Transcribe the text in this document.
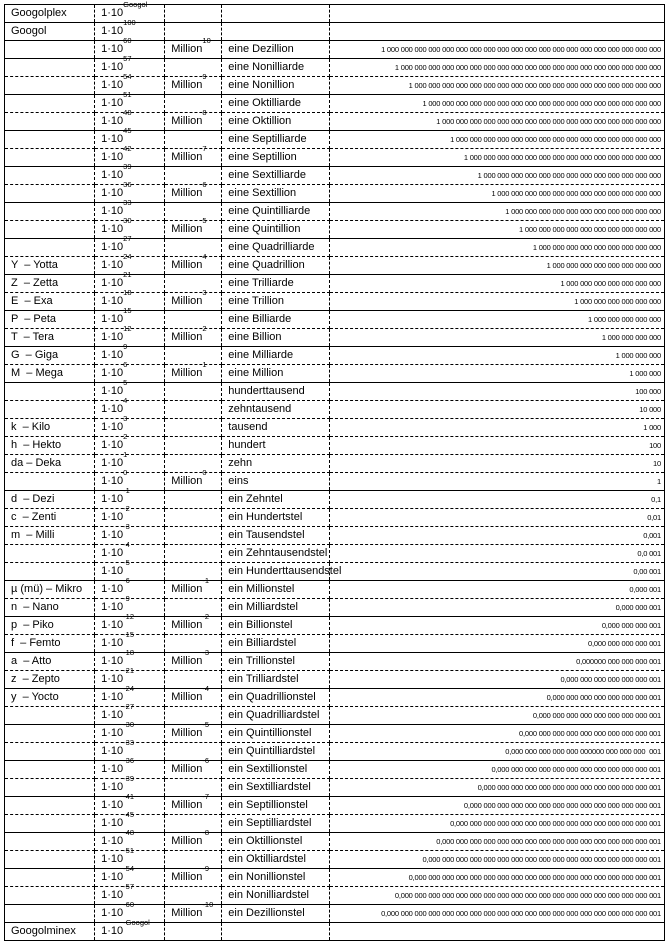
Googolplex	$1\cdot 10^{Googol}$			
Googol	$1\cdot 10^{100}$			
	$1\cdot 10^{60}$	Million$^{10}$	eine Dezillion	1 000 000 000 000 000 000 000 000 000 000 000 000 000 000 000 000 000 000 000 000
	$1\cdot 10^{57}$		eine Nonilliarde	1 000 000 000 000 000 000 000 000 000 000 000 000 000 000 000 000 000 000 000
	$1\cdot 10^{54}$	Million$^9$	eine Nonillion	1 000 000 000 000 000 000 000 000 000 000 000 000 000 000 000 000 000 000
	$1\cdot 10^{51}$		eine Oktilliarde	1 000 000 000 000 000 000 000 000 000 000 000 000 000 000 000 000 000
	$1\cdot 10^{48}$	Million$^8$	eine Oktillion	1 000 000 000 000 000 000 000 000 000 000 000 000 000 000 000 000
	$1\cdot 10^{45}$		eine Septilliarde	1 000 000 000 000 000 000 000 000 000 000 000 000 000 000 000
	$1\cdot 10^{42}$	Million$^7$	eine Septillion	1 000 000 000 000 000 000 000 000 000 000 000 000 000 000
	$1\cdot 10^{39}$		eine Sextilliarde	1 000 000 000 000 000 000 000 000 000 000 000 000 000
	$1\cdot 10^{36}$	Million$^6$	eine Sextillion	1 000 000 000 000 000 000 000 000 000 000 000 000
	$1\cdot 10^{33}$		eine Quintilliarde	1 000 000 000 000 000 000 000 000 000 000 000
	$1\cdot 10^{30}$	Million$^5$	eine Quintillion	1 000 000 000 000 000 000 000 000 000 000
	$1\cdot 10^{27}$		eine Quadrilliarde	1 000 000 000 000 000 000 000 000 000
Y  – Yotta	$1\cdot 10^{24}$	Million$^4$	eine Quadrillion	1 000 000 000 000 000 000 000 000
Z  – Zetta	$1\cdot 10^{21}$		eine Trilliarde	1 000 000 000 000 000 000 000
E  – Exa	$1\cdot 10^{18}$	Million$^3$	eine Trillion	1 000 000 000 000 000 000
P  – Peta	$1\cdot 10^{15}$		eine Billiarde	1 000 000 000 000 000
T  – Tera	$1\cdot 10^{12}$	Million$^2$	eine Billion	1 000 000 000 000
G  – Giga	$1\cdot 10^9$		eine Milliarde	1 000 000 000
M  – Mega	$1\cdot 10^6$	Million$^1$	eine Million	1 000 000
	$1\cdot 10^5$		hunderttausend	100 000
	$1\cdot 10^4$		zehntausend	10 000
k  – Kilo	$1\cdot 10^3$		tausend	1 000
h  – Hekto	$1\cdot 10^2$		hundert	100
da – Deka	$1\cdot 10^1$		zehn	10
	$1\cdot 10^0$	Million$^0$	eins	1
d  – Dezi	$1\cdot 10^{-1}$		ein Zehntel	0,1
c  – Zenti	$1\cdot 10^{-2}$		ein Hundertstel	0,01
m  – Milli	$1\cdot 10^{-3}$		ein Tausendstel	0,001
	$1\cdot 10^{-4}$		ein Zehntausendstel	0,0 001
	$1\cdot 10^{-5}$		ein Hunderttausendstel	0,00 001
µ (mü) – Mikro	$1\cdot 10^{-6}$	Million$^{-1}$	ein Millionstel	0,000 001
n  – Nano	$1\cdot 10^{-9}$		ein Milliardstel	0,000 000 001
p  – Piko	$1\cdot 10^{-12}$	Million$^{-2}$	ein Billionstel	0,000 000 000 001
f  – Femto	$1\cdot 10^{-15}$		ein Billiardstel	0,000 000 000 000 001
a  – Atto	$1\cdot 10^{-18}$	Million$^{-3}$	ein Trillionstel	0,000000 000 000 000 001
z  – Zepto	$1\cdot 10^{-21}$		ein Trilliardstel	0,000 000 000 000 000 000 001
y  – Yocto	$1\cdot 10^{-24}$	Million$^{-4}$	ein Quadrillionstel	0,000 000 000 000 000 000 000 001
	$1\cdot 10^{-27}$		ein Quadrilliardstel	0,000 000 000 000 000 000 000 000 001
	$1\cdot 10^{-30}$	Million$^{-5}$	ein Quintillionstel	0,000 000 000 000 000 000 000 000 000 001
	$1\cdot 10^{-33}$		ein Quintilliardstel	0,000 000 000 000 000 000000 000 000 000  001
	$1\cdot 10^{-36}$	Million$^{-6}$	ein Sextillionstel	0,000 000 000 000 000 000 000 000 000 000 000 001
	$1\cdot 10^{-39}$		ein Sextilliardstel	0,000 000 000 000 000 000 000 000 000 000 000 000 001
	$1\cdot 10^{-41}$	Million$^{-7}$	ein Septillionstel	0,000 000 000 000 000 000 000 000 000 000 000 000 000 001
	$1\cdot 10^{-45}$		ein Septilliardstel	0,000 000 000 000 000 000 000 000 000 000 000 000 000 000 001
	$1\cdot 10^{-48}$	Million$^{-8}$	ein Oktillionstel	0,000 000 000 000 000 000 000 000 000 000 000 000 000 000 000 001
	$1\cdot 10^{-51}$		ein Oktilliardstel	0,000 000 000 000 000 000 000 000 000 000 000 000 000 000 000 000 001
	$1\cdot 10^{-54}$	Million$^{-9}$	ein Nonillionstel	0,000 000 000 000 000 000 000 000 000 000 000 000 000 000 000 000 000 001
	$1\cdot 10^{-57}$		ein Nonilliardstel	0,000 000 000 000 000 000 000 000 000 000 000 000 000 000 000 000 000 000 001
	$1\cdot 10^{-60}$	Million$^{-10}$	ein Dezillionstel	0,000 000 000 000 000 000 000 000 000 000 000 000 000 000 000 000 000 000 000 001
Googolminex	$1\cdot 10^{-Googol}$			
